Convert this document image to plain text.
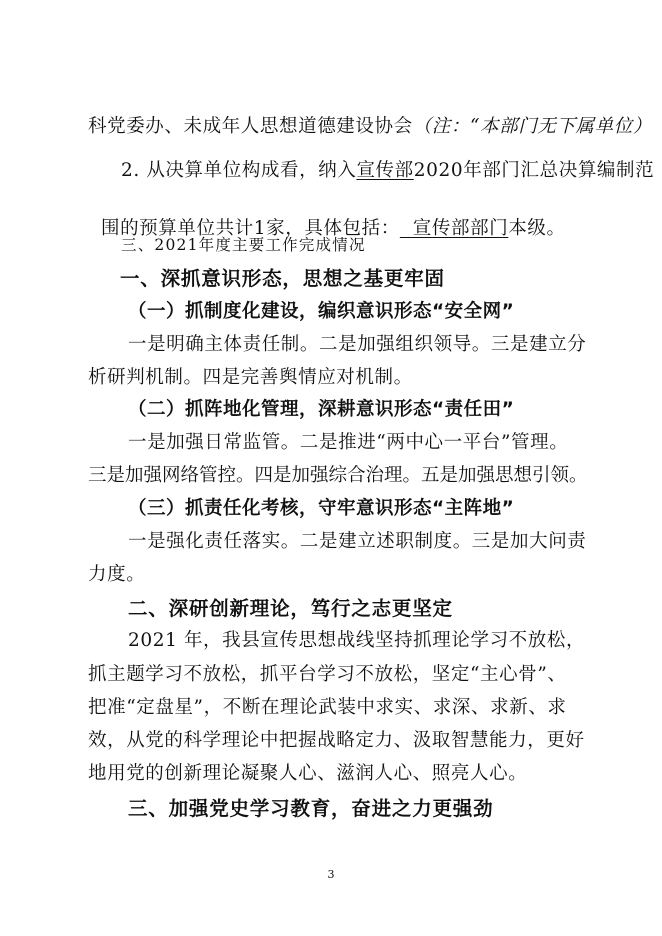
科党委办、未成年人思想道德建设协会（注：“本部门无下属单位）
2. 从决算单位构成看，纳入宣传部2020年部门汇总决算编制范

围的预算单位共计1家，具体包括：  宣传部部门本级。

三、2021年度主要工作完成情况
一、深抓意识形态，思想之基更牢固
（一）抓制度化建设，编织意识形态“安全网”
一是明确主体责任制。二是加强组织领导。三是建立分
析研判机制。四是完善舆情应对机制。
（二）抓阵地化管理，深耕意识形态“责任田”
一是加强日常监管。二是推进“两中心一平台”管理。
三是加强网络管控。四是加强综合治理。五是加强思想引领。
（三）抓责任化考核，守牢意识形态“主阵地”
一是强化责任落实。二是建立述职制度。三是加大问责
力度。
二、深研创新理论，笃行之志更坚定
2021 年，我县宣传思想战线坚持抓理论学习不放松，
抓主题学习不放松，抓平台学习不放松，坚定“主心骨”、
把准“定盘星”，不断在理论武装中求实、求深、求新、求
效，从党的科学理论中把握战略定力、汲取智慧能力，更好
地用党的创新理论凝聚人心、滋润人心、照亮人心。
三、加强党史学习教育，奋进之力更强劲
3
